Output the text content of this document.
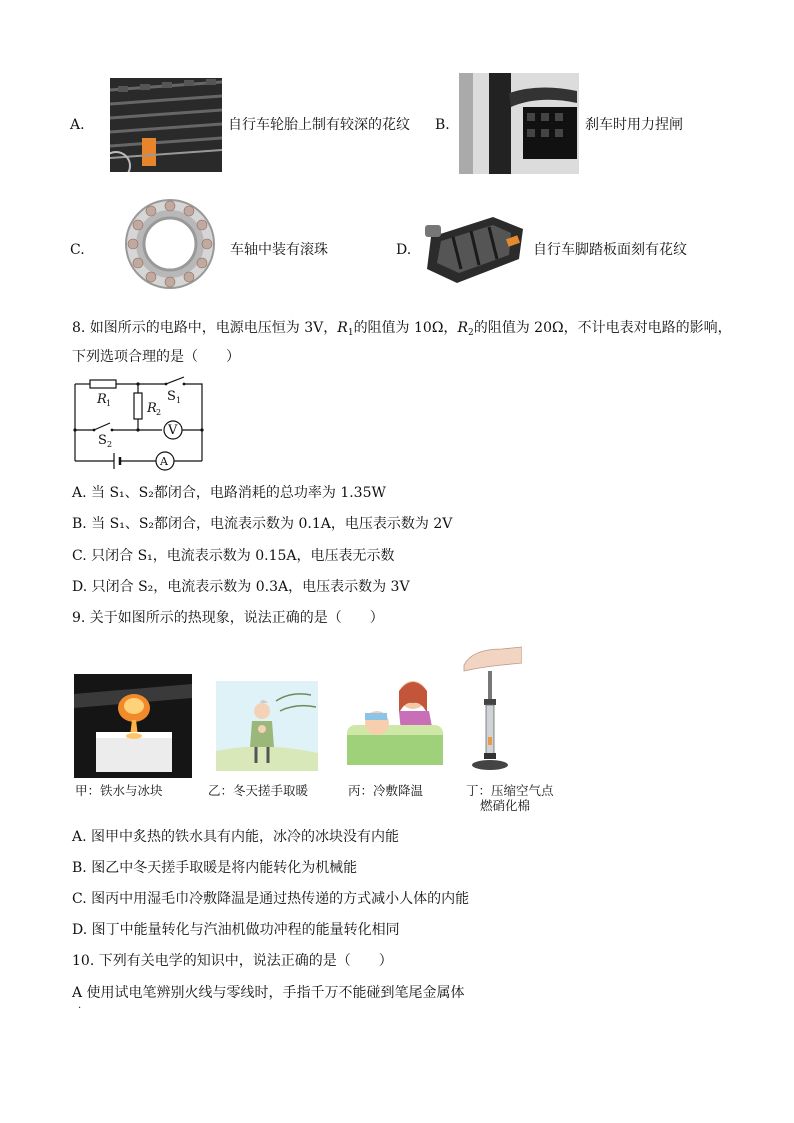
A.	自行车轮胎上制有较深的花纹 B.	刹车时用力捏闸
C.	车轴中装有滚珠	D.	自行车脚踏板面刻有花纹
8. 如图所示的电路中，电源电压恒为 3V，$R_1$的阻值为 10Ω，$R_2$的阻值为 20Ω，不计电表对电路的影响，
下列选项合理的是（　　）
V
A
R 1	R 2
S 1
S 2
A. 当 S₁、S₂都闭合，电路消耗的总功率为 1.35W
B. 当 S₁、S₂都闭合，电流表示数为 0.1A，电压表示数为 2V
C. 只闭合 S₁，电流表示数为 0.15A，电压表无示数
D. 只闭合 S₂，电流表示数为 0.3A，电压表示数为 3V
9. 关于如图所示的热现象，说法正确的是（　　）
甲：铁水与冰块	乙：冬天搓手取暖	丙：冷敷降温	丁：压缩空气点
燃硝化棉
A. 图甲中炙热的铁水具有内能，冰冷的冰块没有内能
B. 图乙中冬天搓手取暖是将内能转化为机械能
C. 图丙中用湿毛巾冷敷降温是通过热传递的方式减小人体的内能
D. 图丁中能量转化与汽油机做功冲程的能量转化相同
10. 下列有关电学的知识中，说法正确的是（　　）
A 使用试电笔辨别火线与零线时，手指千万不能碰到笔尾金属体
.
